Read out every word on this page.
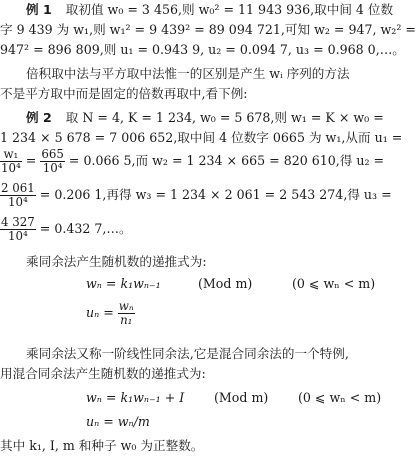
例 1 取初值 w₀ = 3 456,则 w₀² = 11 943 936,取中间 4 位数
字 9 439 为 w₁,则 w₁² = 9 439² = 89 094 721,可知 w₂ = 947, w₂² =
947² = 896 809,则 u₁ = 0.943 9, u₂ = 0.094 7, u₃ = 0.968 0,…。
倍积取中法与平方取中法惟一的区别是产生 wᵢ 序列的方法
不是平方取中而是固定的倍数再取中,看下例:
例 2 取 N = 4, K = 1 234, w₀ = 5 678,则 w₁ = K × w₀ =
1 234 × 5 678 = 7 006 652,取中间 4 位数字 0665 为 w₁,从而 u₁ =
$\frac{\text{w₁}}{\text{10⁴}} = \frac{665}{\text{10⁴}} = 0.066$ 5,而 w₂ = 1 234 × 665 = 820 610,得 u₂ =
$\frac{2 061}{\text{10⁴}} = 0.206$ 1,再得 w₃ = 1 234 × 2 061 = 2 543 274,得 u₃ =
$\frac{4 327}{\text{10⁴}} = 0.432$ 7,…。
乘同余法产生随机数的递推式为:
wₙ = k₁wₙ₋₁	(Mod m)	(0 ⩽ wₙ < m)
$u_n = \frac{\text{wₙ}}{\text{n₁}}$
乘同余法又称一阶线性同余法,它是混合同余法的一个特例,
用混合同余法产生随机数的递推式为:
wₙ = k₁wₙ₋₁ + I (Mod m) (0 ⩽ wₙ < m)
uₙ = wₙ/m
其中 k₁, I, m 和种子 w₀ 为正整数。
